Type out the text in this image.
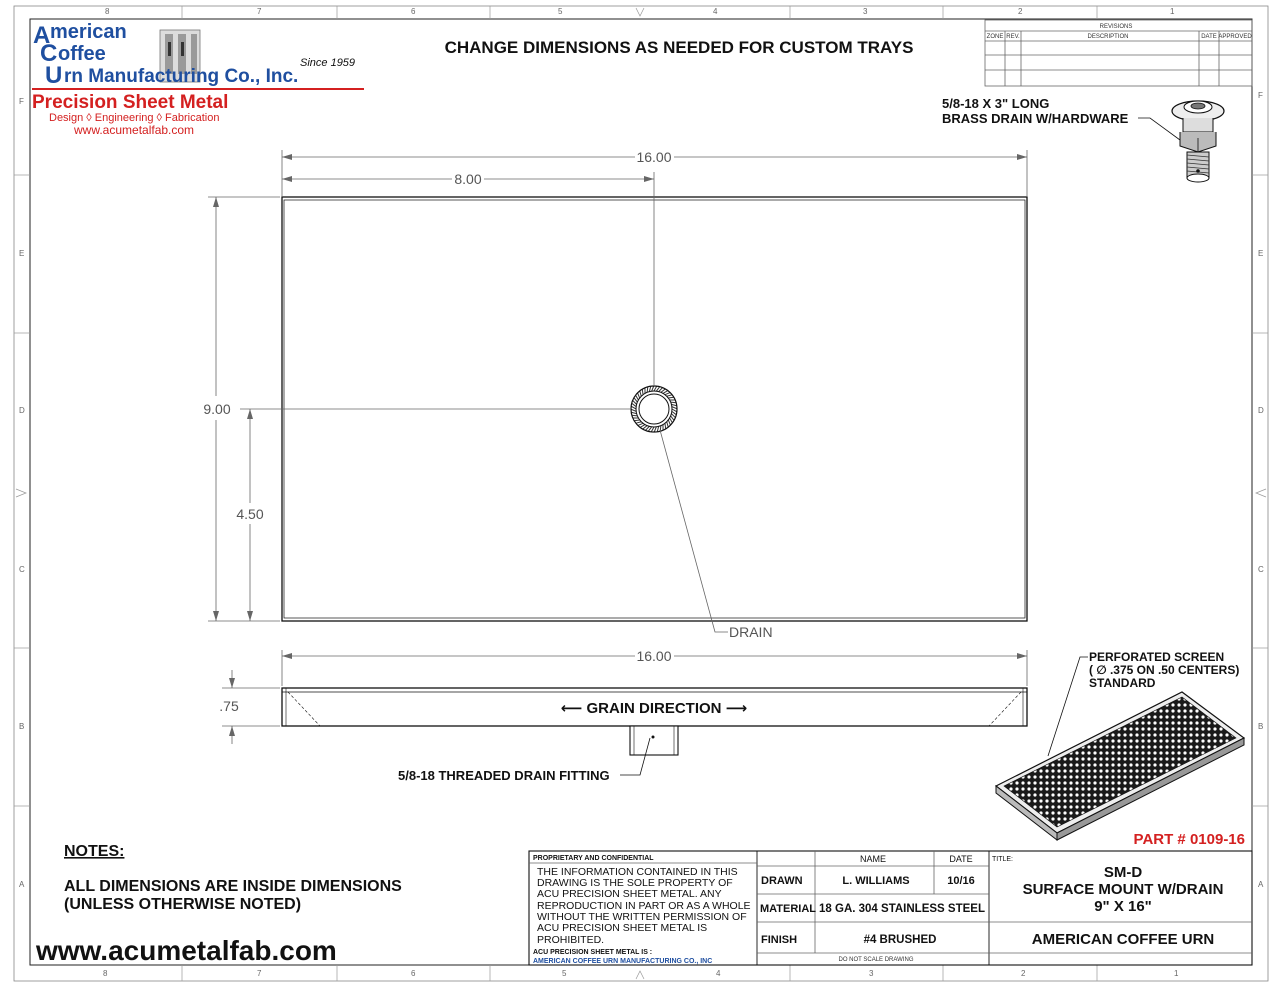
8	7	6	5	4	3	2	1
8	7	6	5	4	3	2	1
F
E
D
C
B
A
F
E
D
C
B
A
A merican
C offee	Since 1959
U rn Manufacturing Co., Inc.
Precision Sheet Metal
Design ◊ Engineering ◊ Fabrication
www.acumetalfab.com
CHANGE DIMENSIONS AS NEEDED FOR CUSTOM TRAYS
REVISIONS
ZONE REV.	DESCRIPTION	DATE APPROVED
5/8-18 X 3" LONG
BRASS DRAIN W/HARDWARE
16.00
8.00
9.00
4.50
DRAIN
⟵ GRAIN DIRECTION ⟶
16.00
.75
5/8-18 THREADED DRAIN FITTING
PERFORATED SCREEN
( ∅ .375 ON .50 CENTERS)
STANDARD
PART # 0109-16
NOTES:
ALL DIMENSIONS ARE INSIDE DIMENSIONS
(UNLESS OTHERWISE NOTED)
www.acumetalfab.com
PROPRIETARY AND CONFIDENTIAL
THE INFORMATION CONTAINED IN THIS
DRAWING IS THE SOLE PROPERTY OF
ACU PRECISION SHEET METAL. ANY
REPRODUCTION IN PART OR AS A WHOLE
WITHOUT THE WRITTEN PERMISSION OF
ACU PRECISION SHEET METAL IS
PROHIBITED.
ACU PRECISION SHEET METAL IS :
AMERICAN COFFEE URN MANUFACTURING CO., INC
NAME	DATE
DRAWN	L. WILLIAMS	10/16
MATERIAL 18 GA. 304 STAINLESS STEEL
FINISH	#4 BRUSHED
DO NOT SCALE DRAWING
TITLE:
SM-D
SURFACE MOUNT W/DRAIN
9" X 16"
AMERICAN COFFEE URN
